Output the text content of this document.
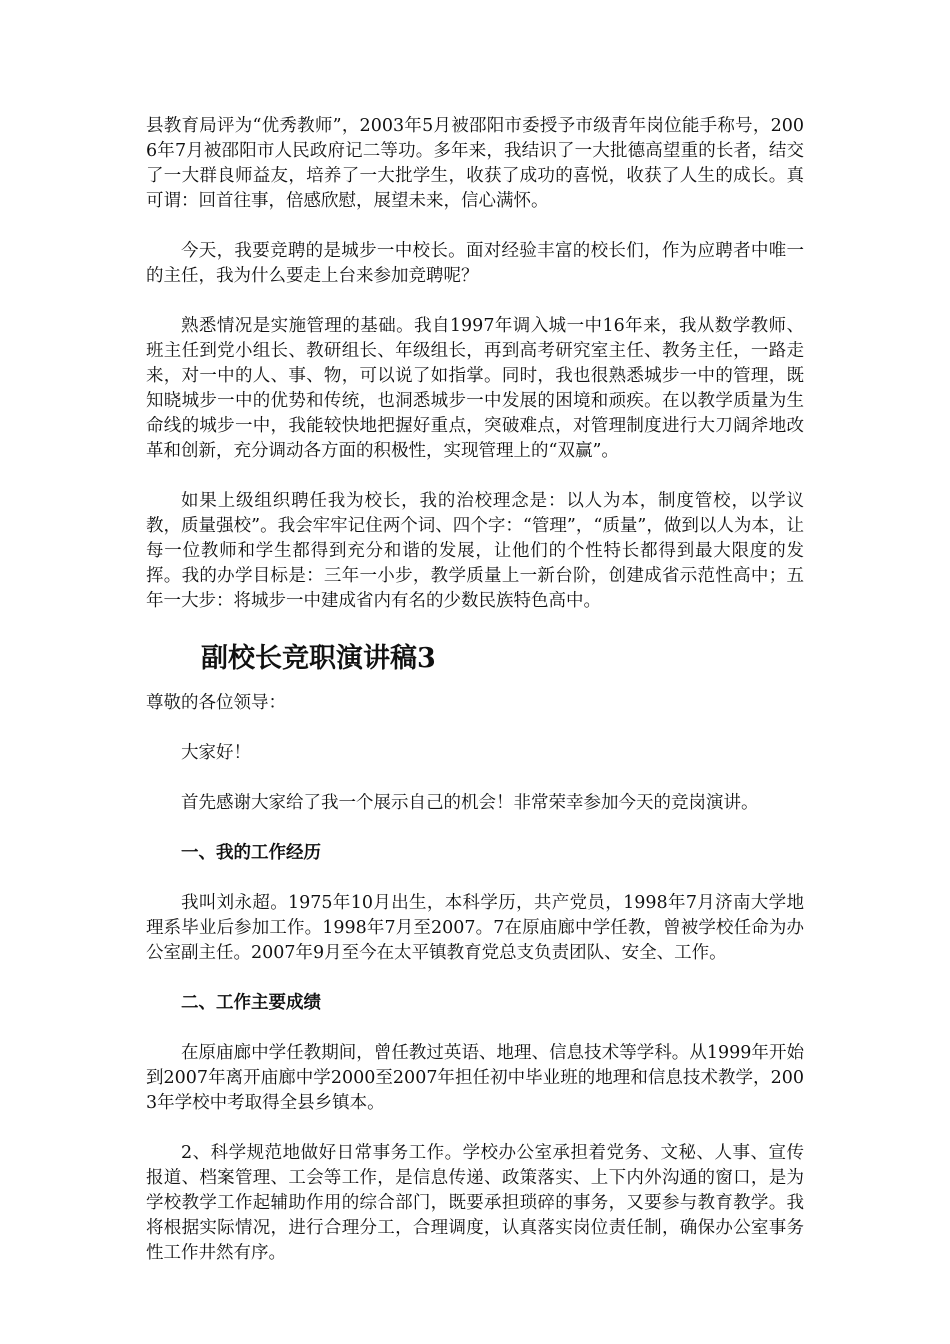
县教育局评为“优秀教师”，2003年5月被邵阳市委授予市级青年岗位能手称号，2006年7月被邵阳市人民政府记二等功。多年来，我结识了一大批德高望重的长者，结交了一大群良师益友，培养了一大批学生，收获了成功的喜悦，收获了人生的成长。真可谓：回首往事，倍感欣慰，展望未来，信心满怀。

今天，我要竞聘的是城步一中校长。面对经验丰富的校长们，作为应聘者中唯一的主任，我为什么要走上台来参加竞聘呢？

熟悉情况是实施管理的基础。我自1997年调入城一中16年来，我从数学教师、班主任到党小组长、教研组长、年级组长，再到高考研究室主任、教务主任，一路走来，对一中的人、事、物，可以说了如指掌。同时，我也很熟悉城步一中的管理，既知晓城步一中的优势和传统，也洞悉城步一中发展的困境和顽疾。在以教学质量为生命线的城步一中，我能较快地把握好重点，突破难点，对管理制度进行大刀阔斧地改革和创新，充分调动各方面的积极性，实现管理上的“双赢”。

如果上级组织聘任我为校长，我的治校理念是：以人为本，制度管校，以学议教，质量强校”。我会牢牢记住两个词、四个字：“管理”，“质量”，做到以人为本，让每一位教师和学生都得到充分和谐的发展，让他们的个性特长都得到最大限度的发挥。我的办学目标是：三年一小步，教学质量上一新台阶，创建成省示范性高中；五年一大步：将城步一中建成省内有名的少数民族特色高中。

副校长竞职演讲稿3

尊敬的各位领导：

大家好！

首先感谢大家给了我一个展示自己的机会！非常荣幸参加今天的竞岗演讲。

一、我的工作经历

我叫刘永超。1975年10月出生，本科学历，共产党员，1998年7月济南大学地理系毕业后参加工作。1998年7月至2007。7在原庙廊中学任教，曾被学校任命为办公室副主任。2007年9月至今在太平镇教育党总支负责团队、安全、工作。

二、工作主要成绩

在原庙廊中学任教期间，曾任教过英语、地理、信息技术等学科。从1999年开始到2007年离开庙廊中学2000至2007年担任初中毕业班的地理和信息技术教学，2003年学校中考取得全县乡镇本。

2、科学规范地做好日常事务工作。学校办公室承担着党务、文秘、人事、宣传报道、档案管理、工会等工作，是信息传递、政策落实、上下内外沟通的窗口，是为学校教学工作起辅助作用的综合部门，既要承担琐碎的事务，又要参与教育教学。我将根据实际情况，进行合理分工，合理调度，认真落实岗位责任制，确保办公室事务性工作井然有序。
